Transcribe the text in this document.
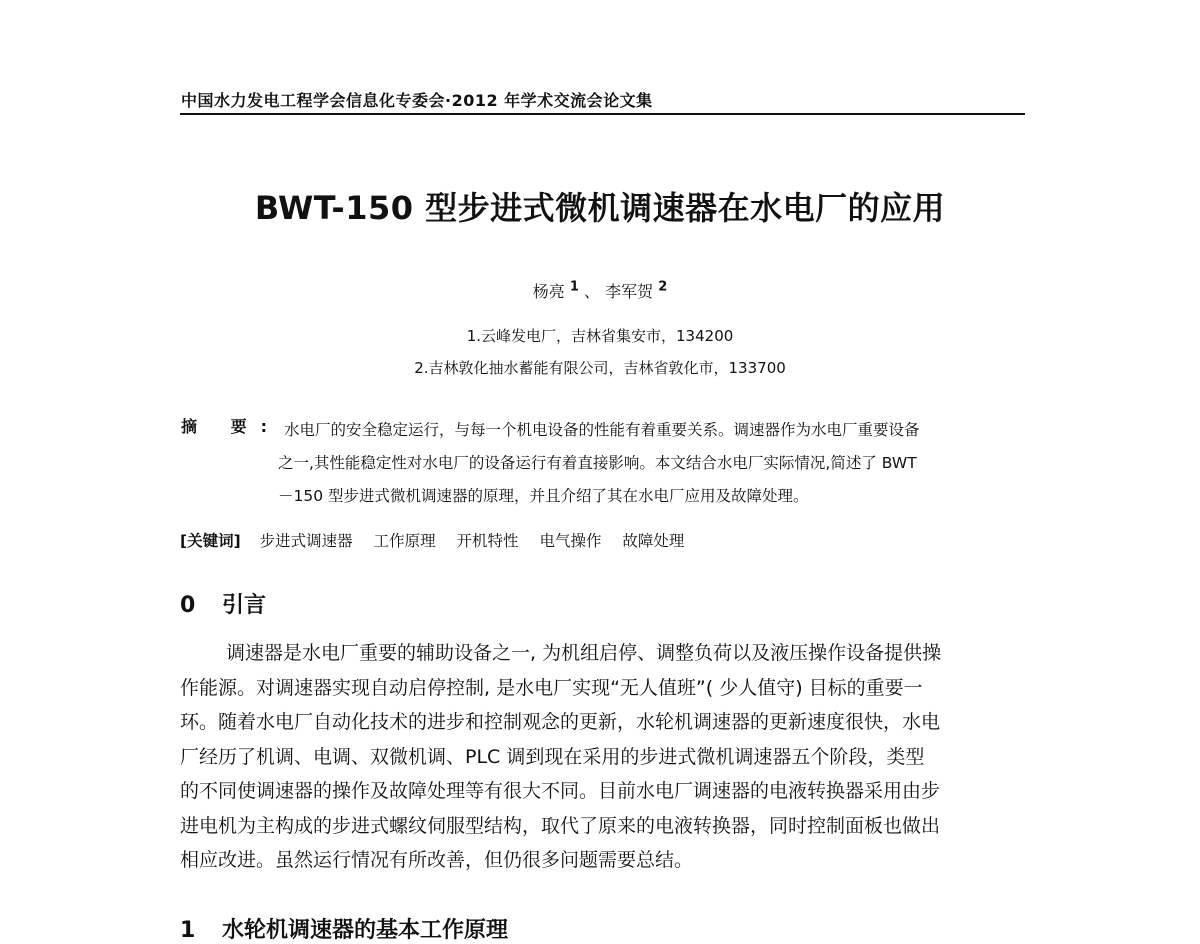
中国水力发电工程学会信息化专委会·2012 年学术交流会论文集
BWT-150 型步进式微机调速器在水电厂的应用
杨亮 $^1$ 、 李军贺 $^2$
1.云峰发电厂，吉林省集安市，134200
2.吉林敦化抽水蓄能有限公司，吉林省敦化市，133700
摘 要: 水电厂的安全稳定运行，与每一个机电设备的性能有着重要关系。调速器作为水电厂重要设备
之一,其性能稳定性对水电厂的设备运行有着直接影响。本文结合水电厂实际情况,简述了 BWT
－150 型步进式微机调速器的原理，并且介绍了其在水电厂应用及故障处理。
[关键词] 步进式调速器 工作原理 开机特性 电气操作 故障处理
0 引言
调速器是水电厂重要的辅助设备之一, 为机组启停、调整负荷以及液压操作设备提供操
作能源。对调速器实现自动启停控制, 是水电厂实现“无人值班”( 少人值守) 目标的重要一
环。随着水电厂自动化技术的进步和控制观念的更新，水轮机调速器的更新速度很快，水电
厂经历了机调、电调、双微机调、PLC 调到现在采用的步进式微机调速器五个阶段，类型
的不同使调速器的操作及故障处理等有很大不同。目前水电厂调速器的电液转换器采用由步
进电机为主构成的步进式螺纹伺服型结构，取代了原来的电液转换器，同时控制面板也做出
相应改进。虽然运行情况有所改善，但仍很多问题需要总结。
1 水轮机调速器的基本工作原理
